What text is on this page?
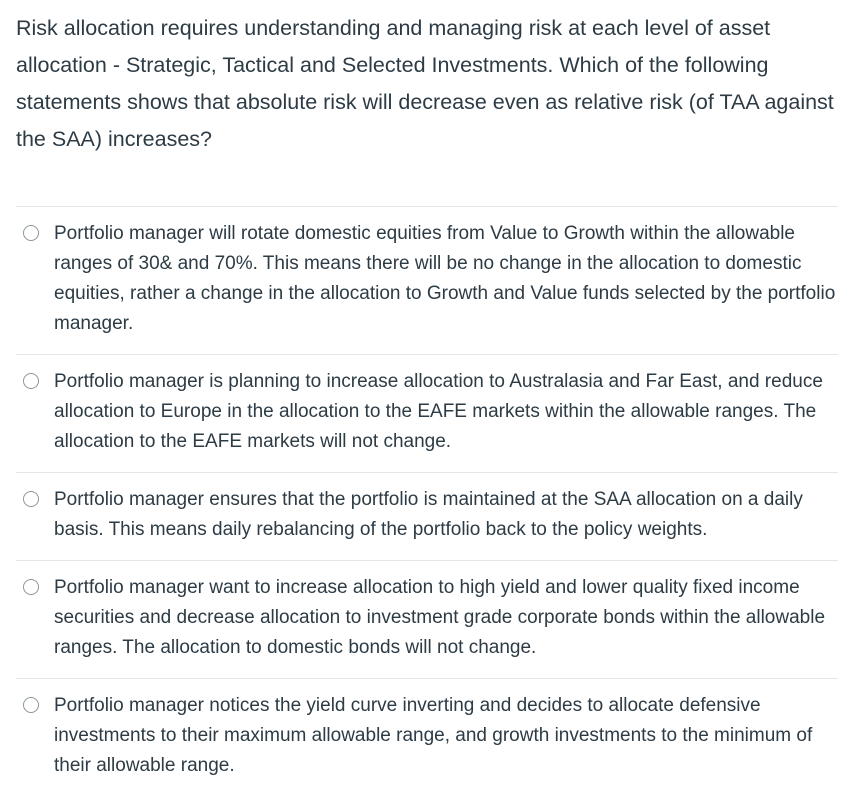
Risk allocation requires understanding and managing risk at each level of asset allocation - Strategic, Tactical and Selected Investments. Which of the following statements shows that absolute risk will decrease even as relative risk (of TAA against the SAA) increases?

Portfolio manager will rotate domestic equities from Value to Growth within the allowable ranges of 30& and 70%. This means there will be no change in the allocation to domestic equities, rather a change in the allocation to Growth and Value funds selected by the portfolio manager.
Portfolio manager is planning to increase allocation to Australasia and Far East, and reduce allocation to Europe in the allocation to the EAFE markets within the allowable ranges. The allocation to the EAFE markets will not change.
Portfolio manager ensures that the portfolio is maintained at the SAA allocation on a daily basis. This means daily rebalancing of the portfolio back to the policy weights.
Portfolio manager want to increase allocation to high yield and lower quality fixed income securities and decrease allocation to investment grade corporate bonds within the allowable ranges. The allocation to domestic bonds will not change.
Portfolio manager notices the yield curve inverting and decides to allocate defensive investments to their maximum allowable range, and growth investments to the minimum of their allowable range.
